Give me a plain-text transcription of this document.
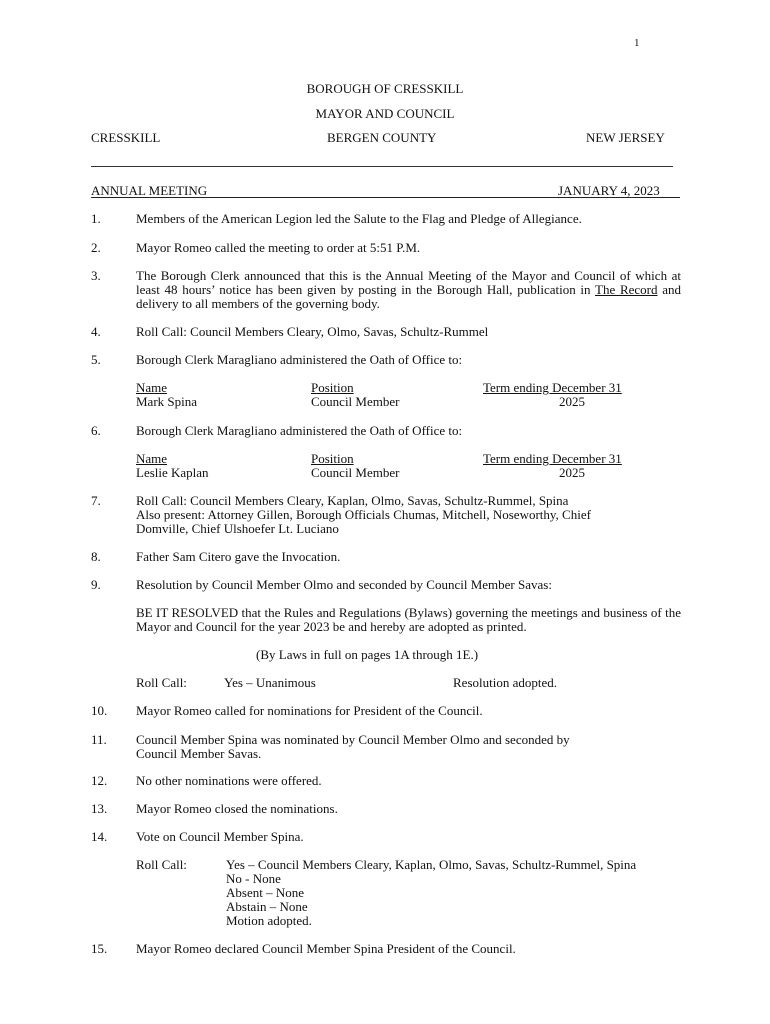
1
BOROUGH OF CRESSKILL
MAYOR AND COUNCIL
CRESSKILL	BERGEN COUNTY	NEW JERSEY
ANNUAL MEETING	JANUARY 4, 2023
1.	Members of the American Legion led the Salute to the Flag and Pledge of Allegiance.
2.	Mayor Romeo called the meeting to order at 5:51 P.M.
3.	The Borough Clerk announced that this is the Annual Meeting of the Mayor and Council of which at least 48 hours’ notice has been given by posting in the Borough Hall, publication in The Record and delivery to all members of the governing body.
4.	Roll Call: Council Members Cleary, Olmo, Savas, Schultz-Rummel
5.	Borough Clerk Maragliano administered the Oath of Office to:
Name	Position	Term ending December 31
Mark Spina	Council Member	2025
6.	Borough Clerk Maragliano administered the Oath of Office to:
Name	Position	Term ending December 31
Leslie Kaplan	Council Member	2025
7.	Roll Call: Council Members Cleary, Kaplan, Olmo, Savas, Schultz-Rummel, Spina
Also present: Attorney Gillen, Borough Officials Chumas, Mitchell, Noseworthy, Chief
Domville, Chief Ulshoefer Lt. Luciano
8.	Father Sam Citero gave the Invocation.
9.	Resolution by Council Member Olmo and seconded by Council Member Savas:
BE IT RESOLVED that the Rules and Regulations (Bylaws) governing the meetings and business of the Mayor and Council for the year 2023 be and hereby are adopted as printed.
(By Laws in full on pages 1A through 1E.)
Roll Call:	Yes – Unanimous	Resolution adopted.
10. Mayor Romeo called for nominations for President of the Council.
11. Council Member Spina was nominated by Council Member Olmo and seconded by
Council Member Savas.
12. No other nominations were offered.
13. Mayor Romeo closed the nominations.
14. Vote on Council Member Spina.
Roll Call:	Yes – Council Members Cleary, Kaplan, Olmo, Savas, Schultz-Rummel, Spina
No - None
Absent – None
Abstain – None
Motion adopted.
15. Mayor Romeo declared Council Member Spina President of the Council.
